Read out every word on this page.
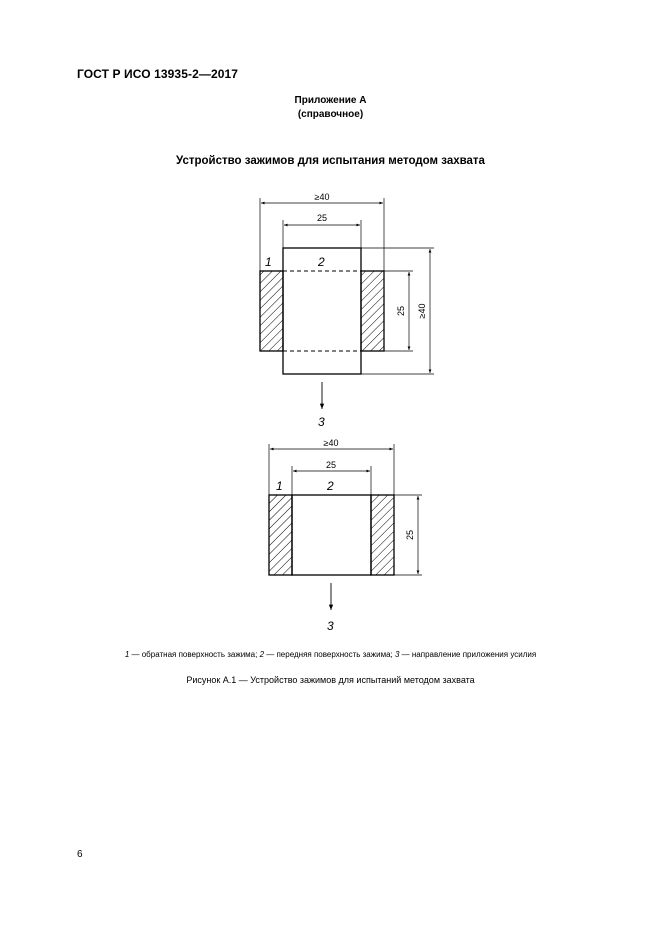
ГОСТ Р ИСО 13935-2—2017
Приложение А
(справочное)
Устройство зажимов для испытания методом захвата
≥40
25
25 ≥40
1	2
3
≥40
25
25
1	2
3
1 — обратная поверхность зажима; 2 — передняя поверхность зажима; 3 — направление приложения усилия
Рисунок А.1 — Устройство зажимов для испытаний методом захвата
6
